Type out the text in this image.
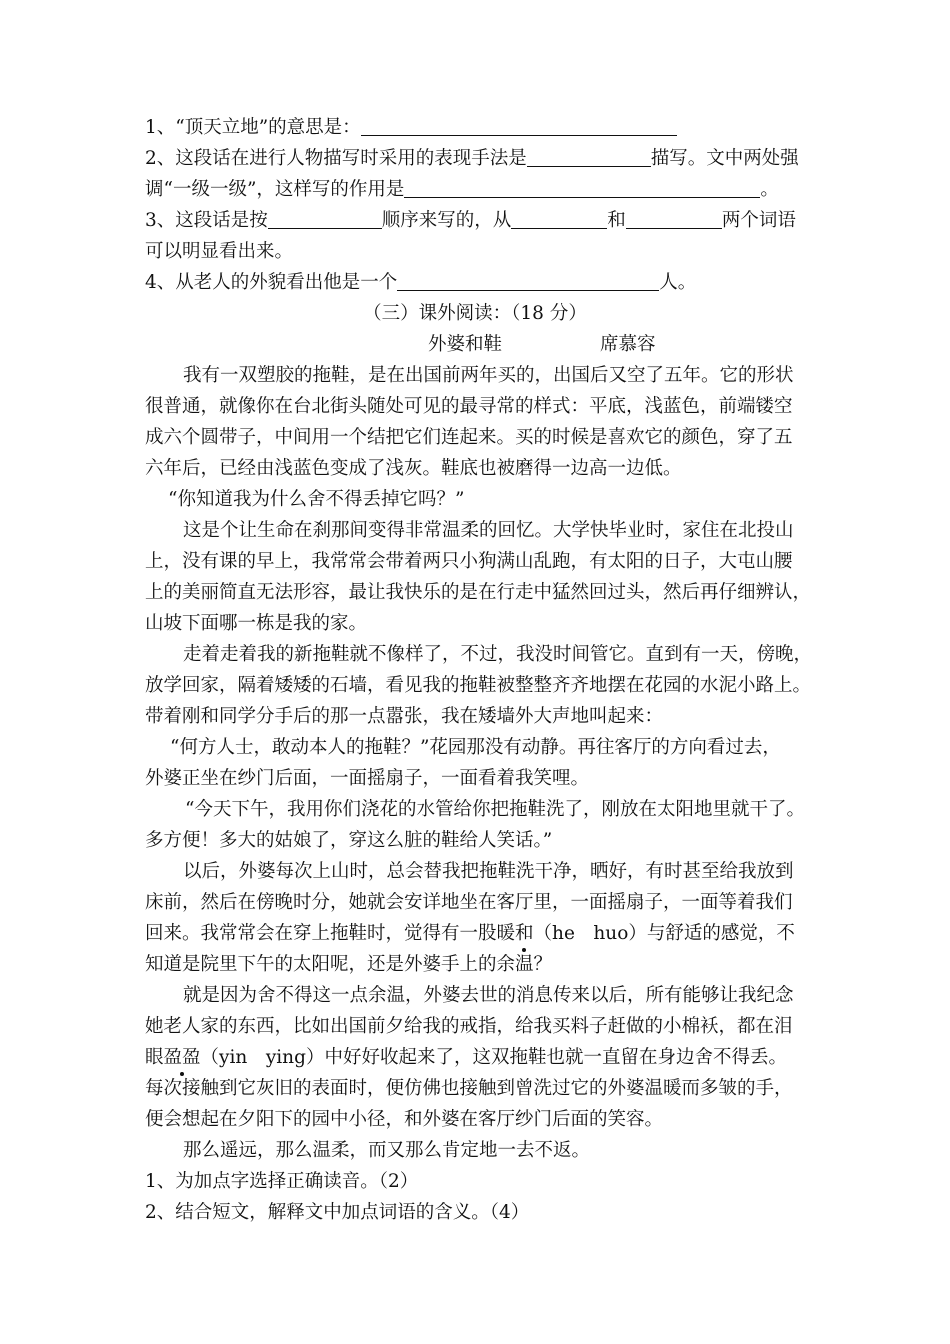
1、“顶天立地”的意思是：
2、这段话在进行人物描写时采用的表现手法是	描写。文中两处强
调“一级一级”，这样写的作用是	。
3、这段话是按	顺序来写的，从	和	两个词语
可以明显看出来。
4、从老人的外貌看出他是一个	人。
（三）课外阅读：（18 分）
外婆和鞋	席慕容
我有一双塑胶的拖鞋，是在出国前两年买的，出国后又空了五年。它的形状
很普通，就像你在台北街头随处可见的最寻常的样式：平底，浅蓝色，前端镂空
成六个圆带子，中间用一个结把它们连起来。买的时候是喜欢它的颜色，穿了五
六年后，已经由浅蓝色变成了浅灰。鞋底也被磨得一边高一边低。
“你知道我为什么舍不得丢掉它吗？”
这是个让生命在刹那间变得非常温柔的回忆。大学快毕业时，家住在北投山
上，没有课的早上，我常常会带着两只小狗满山乱跑，有太阳的日子，大屯山腰
上的美丽简直无法形容，最让我快乐的是在行走中猛然回过头，然后再仔细辨认，
山坡下面哪一栋是我的家。
走着走着我的新拖鞋就不像样了，不过，我没时间管它。直到有一天，傍晚，
放学回家，隔着矮矮的石墙，看见我的拖鞋被整整齐齐地摆在花园的水泥小路上。
带着刚和同学分手后的那一点嚣张，我在矮墙外大声地叫起来：
“何方人士，敢动本人的拖鞋？”花园那没有动静。再往客厅的方向看过去，
外婆正坐在纱门后面，一面摇扇子，一面看着我笑哩。
“今天下午，我用你们浇花的水管给你把拖鞋洗了，刚放在太阳地里就干了。
多方便！多大的姑娘了，穿这么脏的鞋给人笑话。”
以后，外婆每次上山时，总会替我把拖鞋洗干净，晒好，有时甚至给我放到
床前，然后在傍晚时分，她就会安详地坐在客厅里，一面摇扇子，一面等着我们
回来。我常常会在穿上拖鞋时，觉得有一股暖和（he　huo）与舒适的感觉，不
知道是院里下午的太阳呢，还是外婆手上的余温？
就是因为舍不得这一点余温，外婆去世的消息传来以后，所有能够让我纪念
她老人家的东西，比如出国前夕给我的戒指，给我买料子赶做的小棉袄，都在泪
眼盈盈（yin　ying）中好好收起来了，这双拖鞋也就一直留在身边舍不得丢。
每次接触到它灰旧的表面时，便仿佛也接触到曾洗过它的外婆温暖而多皱的手，
便会想起在夕阳下的园中小径，和外婆在客厅纱门后面的笑容。
那么遥远，那么温柔，而又那么肯定地一去不返。
1、为加点字选择正确读音。（2）
2、结合短文，解释文中加点词语的含义。（4）
